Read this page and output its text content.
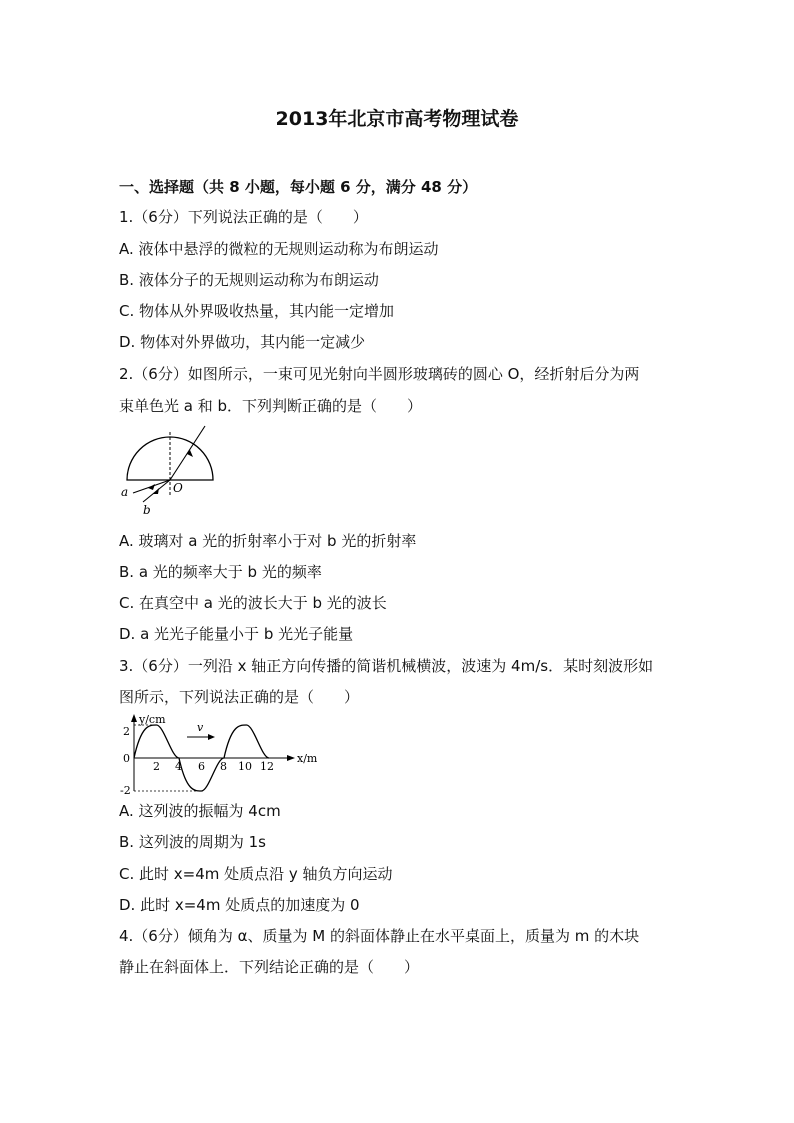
2013年北京市高考物理试卷
一、选择题（共 8 小题，每小题 6 分，满分 48 分）
1.（6分）下列说法正确的是（　　）
A. 液体中悬浮的微粒的无规则运动称为布朗运动
B. 液体分子的无规则运动称为布朗运动
C. 物体从外界吸收热量，其内能一定增加
D. 物体对外界做功，其内能一定减少
2.（6分）如图所示，一束可见光射向半圆形玻璃砖的圆心 O，经折射后分为两
束单色光 a 和 b．下列判断正确的是（　　）
a
b
O
A. 玻璃对 a 光的折射率小于对 b 光的折射率
B. a 光的频率大于 b 光的频率
C. 在真空中 a 光的波长大于 b 光的波长
D. a 光光子能量小于 b 光光子能量
3.（6分）一列沿 x 轴正方向传播的简谐机械横波，波速为 4m/s．某时刻波形如
图所示，下列说法正确的是（　　）
v
y/cm
x/m
2
0
-2
2 4 6 8 10 12
A. 这列波的振幅为 4cm
B. 这列波的周期为 1s
C. 此时 x=4m 处质点沿 y 轴负方向运动
D. 此时 x=4m 处质点的加速度为 0
4.（6分）倾角为 α、质量为 M 的斜面体静止在水平桌面上，质量为 m 的木块
静止在斜面体上．下列结论正确的是（　　）
